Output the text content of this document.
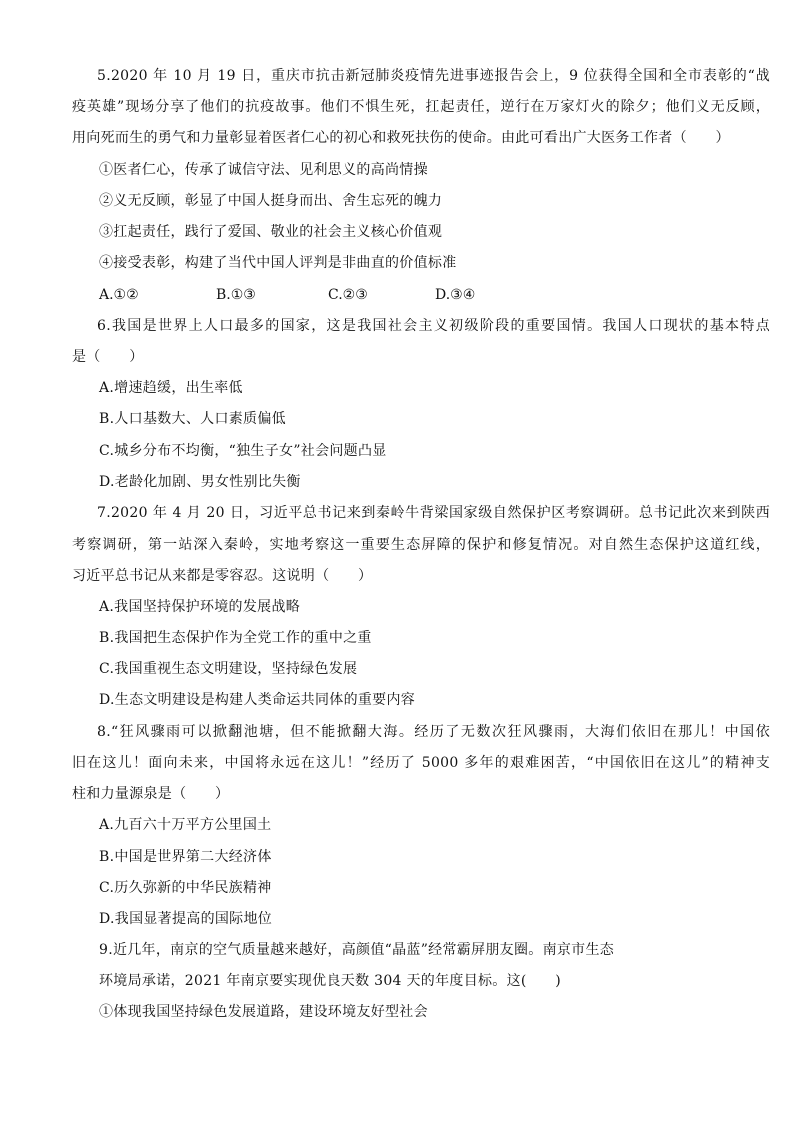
5.2020 年 10 月 19 日，重庆市抗击新冠肺炎疫情先进事迹报告会上，9 位获得全国和全市表彰的“战
疫英雄”现场分享了他们的抗疫故事。他们不惧生死，扛起责任，逆行在万家灯火的除夕；他们义无反顾，
用向死而生的勇气和力量彰显着医者仁心的初心和救死扶伤的使命。由此可看出广大医务工作者（　　）
①医者仁心，传承了诚信守法、见利思义的高尚情操
②义无反顾，彰显了中国人挺身而出、舍生忘死的魄力
③扛起责任，践行了爱国、敬业的社会主义核心价值观
④接受表彰，构建了当代中国人评判是非曲直的价值标准
A.①②	B.①③	C.②③	D.③④
6.我国是世界上人口最多的国家，这是我国社会主义初级阶段的重要国情。我国人口现状的基本特点
是（　　）
A.增速趋缓，出生率低
B.人口基数大、人口素质偏低
C.城乡分布不均衡，“独生子女”社会问题凸显
D.老龄化加剧、男女性别比失衡
7.2020 年 4 月 20 日，习近平总书记来到秦岭牛背梁国家级自然保护区考察调研。总书记此次来到陕西
考察调研，第一站深入秦岭，实地考察这一重要生态屏障的保护和修复情况。对自然生态保护这道红线，
习近平总书记从来都是零容忍。这说明（　　）
A.我国坚持保护环境的发展战略
B.我国把生态保护作为全党工作的重中之重
C.我国重视生态文明建设，坚持绿色发展
D.生态文明建设是构建人类命运共同体的重要内容
8.“狂风骤雨可以掀翻池塘，但不能掀翻大海。经历了无数次狂风骤雨，大海们依旧在那儿！中国依
旧在这儿！面向未来，中国将永远在这儿！”经历了 5000 多年的艰难困苦，“中国依旧在这儿”的精神支
柱和力量源泉是（　　）
A.九百六十万平方公里国土
B.中国是世界第二大经济体
C.历久弥新的中华民族精神
D.我国显著提高的国际地位
9.近几年，南京的空气质量越来越好，高颜值“晶蓝”经常霸屏朋友圈。南京市生态
环境局承诺，2021 年南京要实现优良天数 304 天的年度目标。这(　　)
①体现我国坚持绿色发展道路，建设环境友好型社会
